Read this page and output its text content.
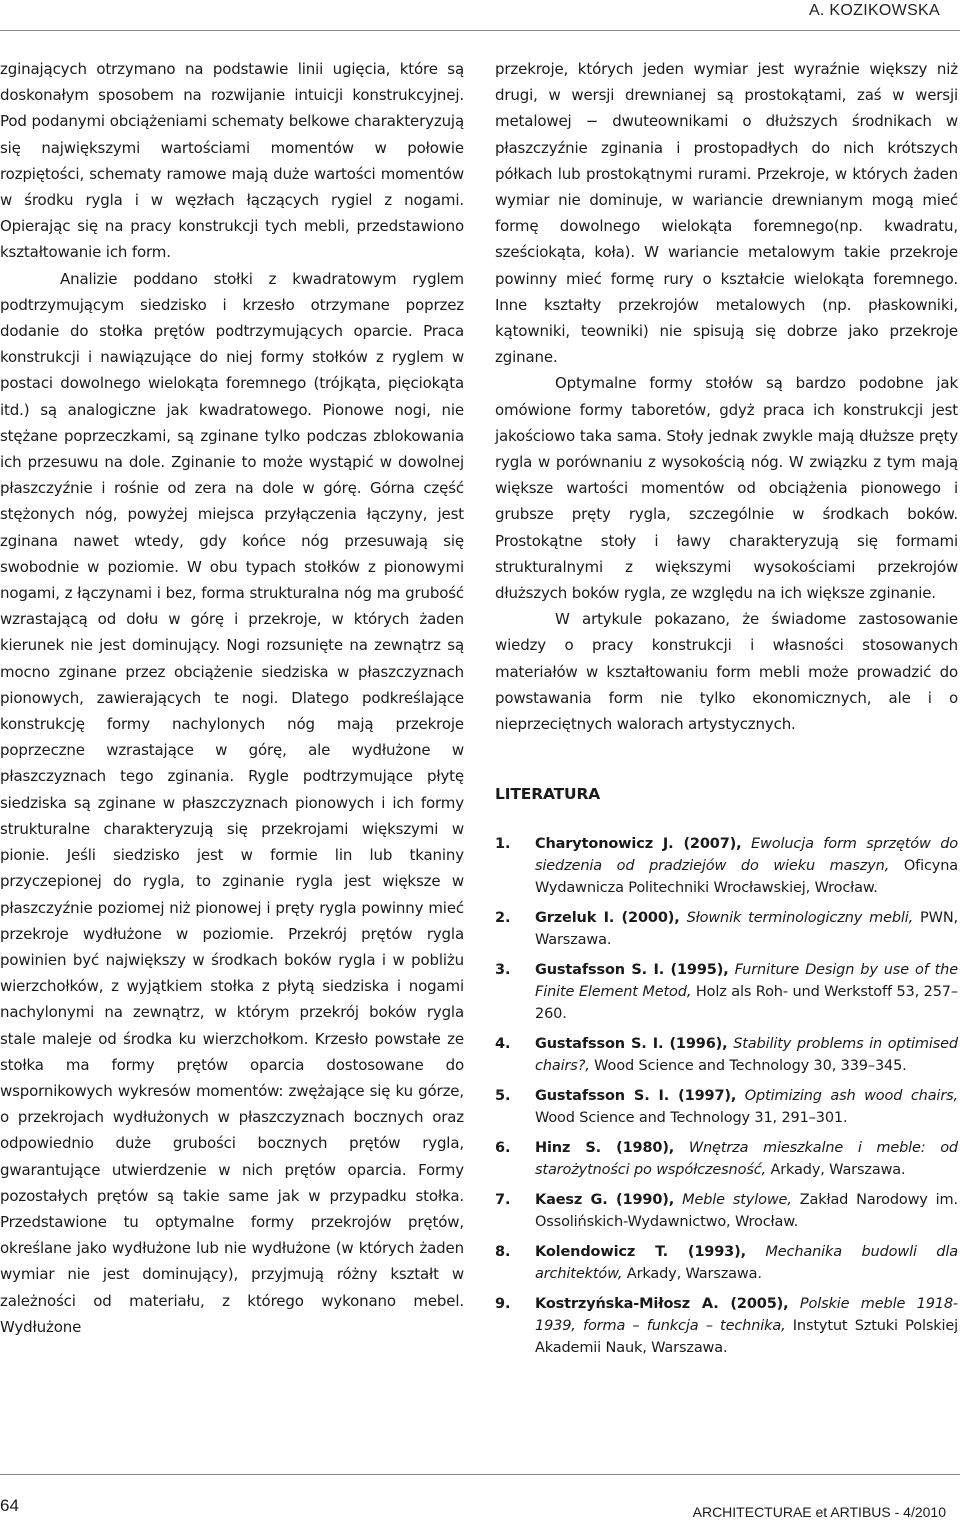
A. KOZIKOWSKA

zginających otrzymano na podstawie linii ugięcia, które są doskonałym sposobem na rozwijanie intuicji konstrukcyjnej. Pod podanymi obciążeniami schematy belkowe charakteryzują się największymi wartościami momentów w połowie rozpiętości, schematy ramowe mają duże wartości momentów w środku rygla i w węzłach łączących rygiel z nogami. Opierając się na pracy konstrukcji tych mebli, przedstawiono kształtowanie ich form.

Analizie poddano stołki z kwadratowym ryglem podtrzymującym siedzisko i krzesło otrzymane poprzez dodanie do stołka prętów podtrzymujących oparcie. Praca konstrukcji i nawiązujące do niej formy stołków z ryglem w postaci dowolnego wielokąta foremnego (trójkąta, pięciokąta itd.) są analogiczne jak kwadratowego. Pionowe nogi, nie stężane poprzeczkami, są zginane tylko podczas zblokowania ich przesuwu na dole. Zginanie to może wystąpić w dowolnej płaszczyźnie i rośnie od zera na dole w górę. Górna część stężonych nóg, powyżej miejsca przyłączenia łączyny, jest zginana nawet wtedy, gdy końce nóg przesuwają się swobodnie w poziomie. W obu typach stołków z pionowymi nogami, z łączynami i bez, forma strukturalna nóg ma grubość wzrastającą od dołu w górę i przekroje, w których żaden kierunek nie jest dominujący. Nogi rozsunięte na zewnątrz są mocno zginane przez obciążenie siedziska w płaszczyznach pionowych, zawierających te nogi. Dlatego podkreślające konstrukcję formy nachylonych nóg mają przekroje poprzeczne wzrastające w górę, ale wydłużone w płaszczyznach tego zginania. Rygle podtrzymujące płytę siedziska są zginane w płaszczyznach pionowych i ich formy strukturalne charakteryzują się przekrojami większymi w pionie. Jeśli siedzisko jest w formie lin lub tkaniny przyczepionej do rygla, to zginanie rygla jest większe w płaszczyźnie poziomej niż pionowej i pręty rygla powinny mieć przekroje wydłużone w poziomie. Przekrój prętów rygla powinien być największy w środkach boków rygla i w pobliżu wierzchołków, z wyjątkiem stołka z płytą siedziska i nogami nachylonymi na zewnątrz, w którym przekrój boków rygla stale maleje od środka ku wierzchołkom. Krzesło powstałe ze stołka ma formy prętów oparcia dostosowane do wspornikowych wykresów momentów: zwężające się ku górze, o przekrojach wydłużonych w płaszczyznach bocznych oraz odpowiednio duże grubości bocznych prętów rygla, gwarantujące utwierdzenie w nich prętów oparcia. Formy pozostałych prętów są takie same jak w przypadku stołka. Przedstawione tu optymalne formy przekrojów prętów, określane jako wydłużone lub nie wydłużone (w których żaden wymiar nie jest dominujący), przyjmują różny kształt w zależności od materiału, z którego wykonano mebel. Wydłużone

przekroje, których jeden wymiar jest wyraźnie większy niż drugi, w wersji drewnianej są prostokątami, zaś w wersji metalowej − dwuteownikami o dłuższych środnikach w płaszczyźnie zginania i prostopadłych do nich krótszych półkach lub prostokątnymi rurami. Przekroje, w których żaden wymiar nie dominuje, w wariancie drewnianym mogą mieć formę dowolnego wielokąta foremnego(np. kwadratu, sześciokąta, koła). W wariancie metalowym takie przekroje powinny mieć formę rury o kształcie wielokąta foremnego. Inne kształty przekrojów metalowych (np. płaskowniki, kątowniki, teowniki) nie spisują się dobrze jako przekroje zginane.

Optymalne formy stołów są bardzo podobne jak omówione formy taboretów, gdyż praca ich konstrukcji jest jakościowo taka sama. Stoły jednak zwykle mają dłuższe pręty rygla w porównaniu z wysokością nóg. W związku z tym mają większe wartości momentów od obciążenia pionowego i grubsze pręty rygla, szczególnie w środkach boków. Prostokątne stoły i ławy charakteryzują się formami strukturalnymi z większymi wysokościami przekrojów dłuższych boków rygla, ze względu na ich większe zginanie.

W artykule pokazano, że świadome zastosowanie wiedzy o pracy konstrukcji i własności stosowanych materiałów w kształtowaniu form mebli może prowadzić do powstawania form nie tylko ekonomicznych, ale i o nieprzeciętnych walorach artystycznych.

LITERATURA
1.	Charytonowicz J. (2007), Ewolucja form sprzętów do siedzenia od pradziejów do wieku maszyn, Oficyna Wydawnicza Politechniki Wrocławskiej, Wrocław.
2.	Grzeluk I. (2000), Słownik terminologiczny mebli, PWN, Warszawa.
3.	Gustafsson S. I. (1995), Furniture Design by use of the Finite Element Metod, Holz als Roh- und Werkstoff 53, 257–260.
4.	Gustafsson S. I. (1996), Stability problems in optimised chairs?, Wood Science and Technology 30, 339–345.
5.	Gustafsson S. I. (1997), Optimizing ash wood chairs, Wood Science and Technology 31, 291–301.
6.	Hinz S. (1980), Wnętrza mieszkalne i meble: od starożytności po współczesność, Arkady, Warszawa.
7.	Kaesz G. (1990), Meble stylowe, Zakład Narodowy im. Ossolińskich-Wydawnictwo, Wrocław.
8.	Kolendowicz T. (1993), Mechanika budowli dla architektów, Arkady, Warszawa.
9.	Kostrzyńska-Miłosz A. (2005), Polskie meble 1918-1939, forma – funkcja – technika, Instytut Sztuki Polskiej Akademii Nauk, Warszawa.
64	ARCHITECTURAE et ARTIBUS - 4/2010
